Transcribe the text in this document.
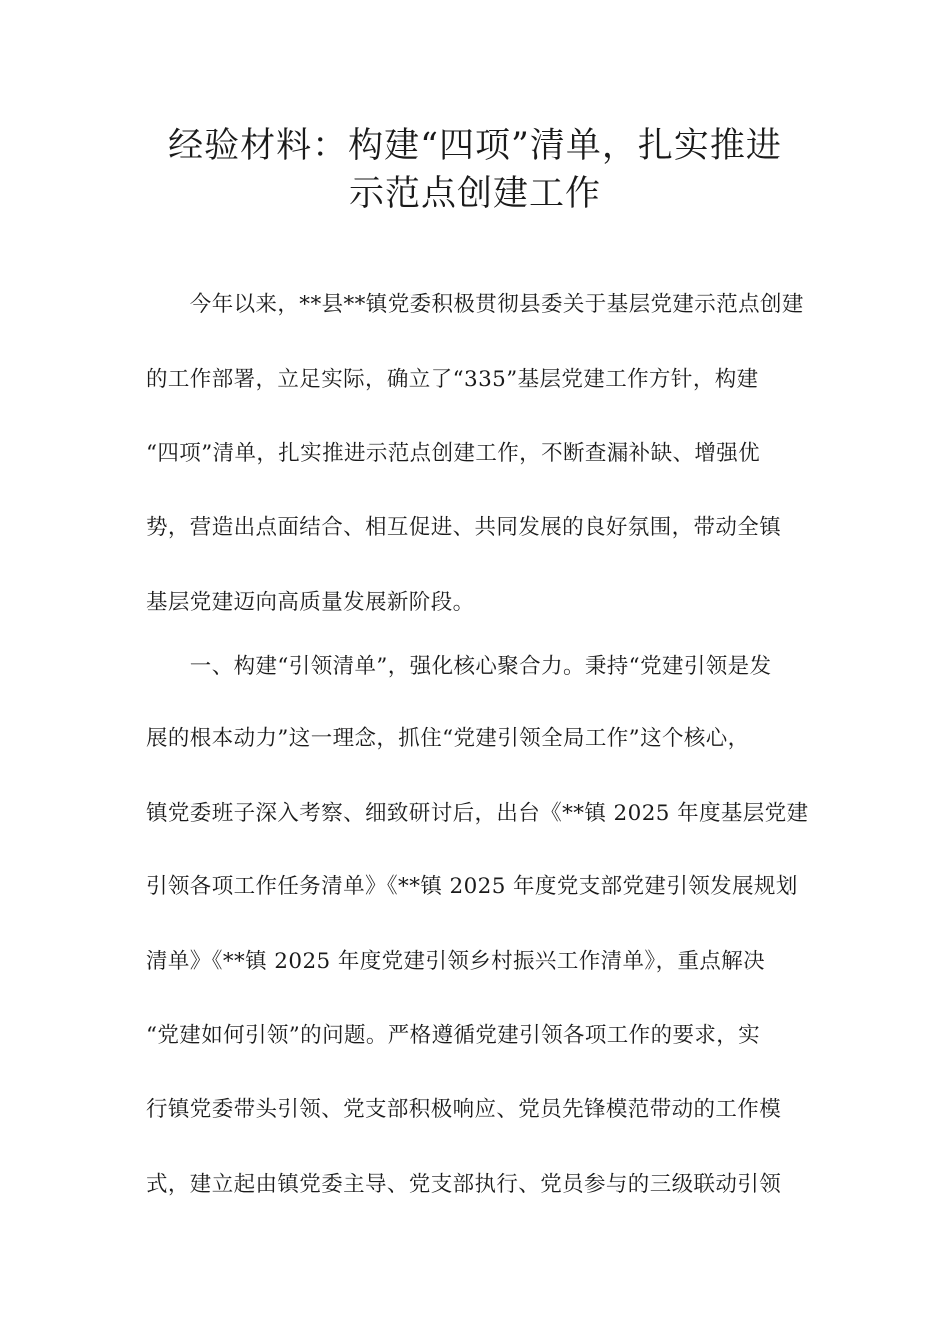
经验材料：构建“四项”清单，扎实推进
示范点创建工作

　　今年以来，**县**镇党委积极贯彻县委关于基层党建示范点创建

的工作部署，立足实际，确立了“335”基层党建工作方针，构建

“四项”清单，扎实推进示范点创建工作，不断查漏补缺、增强优

势，营造出点面结合、相互促进、共同发展的良好氛围，带动全镇

基层党建迈向高质量发展新阶段。

　　一、构建“引领清单”，强化核心聚合力。秉持“党建引领是发

展的根本动力”这一理念，抓住“党建引领全局工作”这个核心，

镇党委班子深入考察、细致研讨后，出台《**镇 2025 年度基层党建

引领各项工作任务清单》《**镇 2025 年度党支部党建引领发展规划

清单》《**镇 2025 年度党建引领乡村振兴工作清单》，重点解决

“党建如何引领”的问题。严格遵循党建引领各项工作的要求，实

行镇党委带头引领、党支部积极响应、党员先锋模范带动的工作模

式，建立起由镇党委主导、党支部执行、党员参与的三级联动引领
